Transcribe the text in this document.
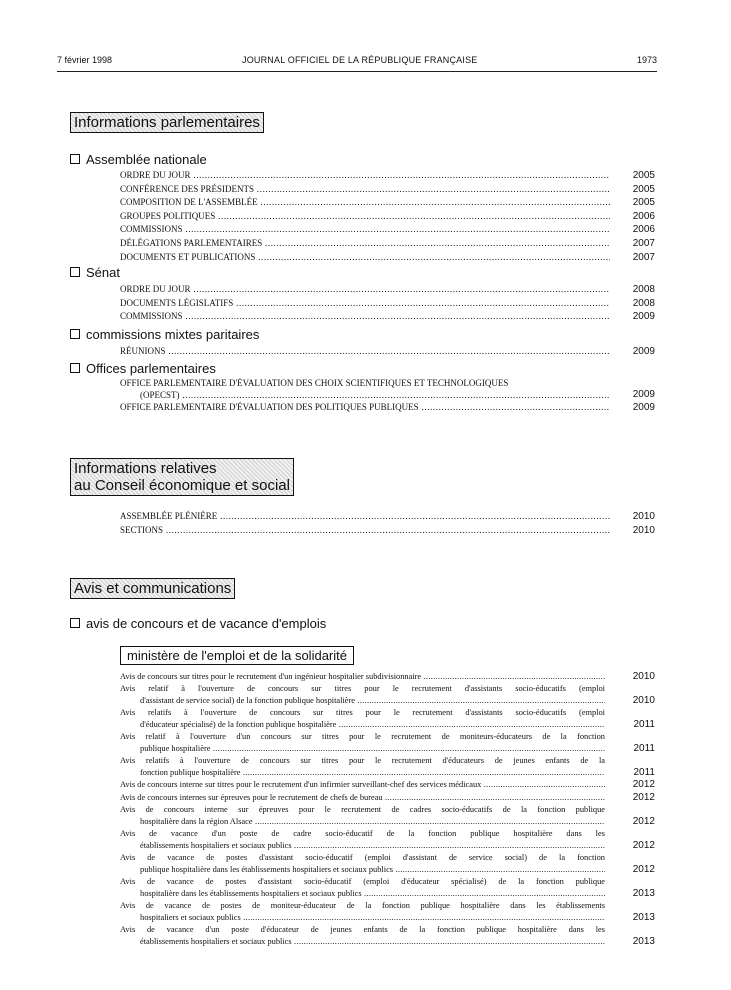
7 février 1998	JOURNAL OFFICIEL DE LA RÉPUBLIQUE FRANÇAISE	1973
Informations parlementaires
Assemblée nationale
ORDRE DU JOUR .....	2005
CONFÉRENCE DES PRÉSIDENTS .....	2005
COMPOSITION DE L'ASSEMBLÉE .....	2005
GROUPES POLITIQUES .....	2006
COMMISSIONS .....	2006
DÉLÉGATIONS PARLEMENTAIRES .....	2007
DOCUMENTS ET PUBLICATIONS .....	2007
Sénat
ORDRE DU JOUR .....	2008
DOCUMENTS LÉGISLATIFS .....	2008
COMMISSIONS .....	2009
commissions mixtes paritaires
RÉUNIONS .....	2009
Offices parlementaires
OFFICE PARLEMENTAIRE D'ÉVALUATION DES CHOIX SCIENTIFIQUES ET TECHNOLOGIQUES
(OPECST) .....	2009
OFFICE PARLEMENTAIRE D'ÉVALUATION DES POLITIQUES PUBLIQUES .....	2009
Informations relatives
au Conseil économique et social
ASSEMBLÉE PLÉNIÈRE .....	2010
SECTIONS .....	2010
Avis et communications
avis de concours et de vacance d'emplois
ministère de l'emploi et de la solidarité
Avis de concours sur titres pour le recrutement d'un ingénieur hospitalier subdivisionnaire .....	2010
Avis relatif à l'ouverture de concours sur titres pour le recrutement d'assistants socio-éducatifs (emploi
d'assistant de service social) de la fonction publique hospitalière .....	2010
Avis relatifs à l'ouverture de concours sur titres pour le recrutement d'assistants socio-éducatifs (emploi
d'éducateur spécialisé) de la fonction publique hospitalière .....	2011
Avis relatif à l'ouverture d'un concours sur titres pour le recrutement de moniteurs-éducateurs de la fonction
publique hospitalière .....	2011
Avis relatifs à l'ouverture de concours sur titres pour le recrutement d'éducateurs de jeunes enfants de la
fonction publique hospitalière .....	2011
Avis de concours interne sur titres pour le recrutement d'un infirmier surveillant-chef des services médicaux .....	2012
Avis de concours internes sur épreuves pour le recrutement de chefs de bureau .....	2012
Avis de concours interne sur épreuves pour le recrutement de cadres socio-éducatifs de la fonction publique
hospitalière dans la région Alsace .....	2012
Avis de vacance d'un poste de cadre socio-éducatif de la fonction publique hospitalière dans les
établissements hospitaliers et sociaux publics .....	2012
Avis de vacance de postes d'assistant socio-éducatif (emploi d'assistant de service social) de la fonction
publique hospitalière dans les établissements hospitaliers et sociaux publics .....	2012
Avis de vacance de postes d'assistant socio-éducatif (emploi d'éducateur spécialisé) de la fonction publique
hospitalière dans les établissements hospitaliers et sociaux publics .....	2013
Avis de vacance de postes de moniteur-éducateur de la fonction publique hospitalière dans les établissements
hospitaliers et sociaux publics .....	2013
Avis de vacance d'un poste d'éducateur de jeunes enfants de la fonction publique hospitalière dans les
établissements hospitaliers et sociaux publics .....	2013
